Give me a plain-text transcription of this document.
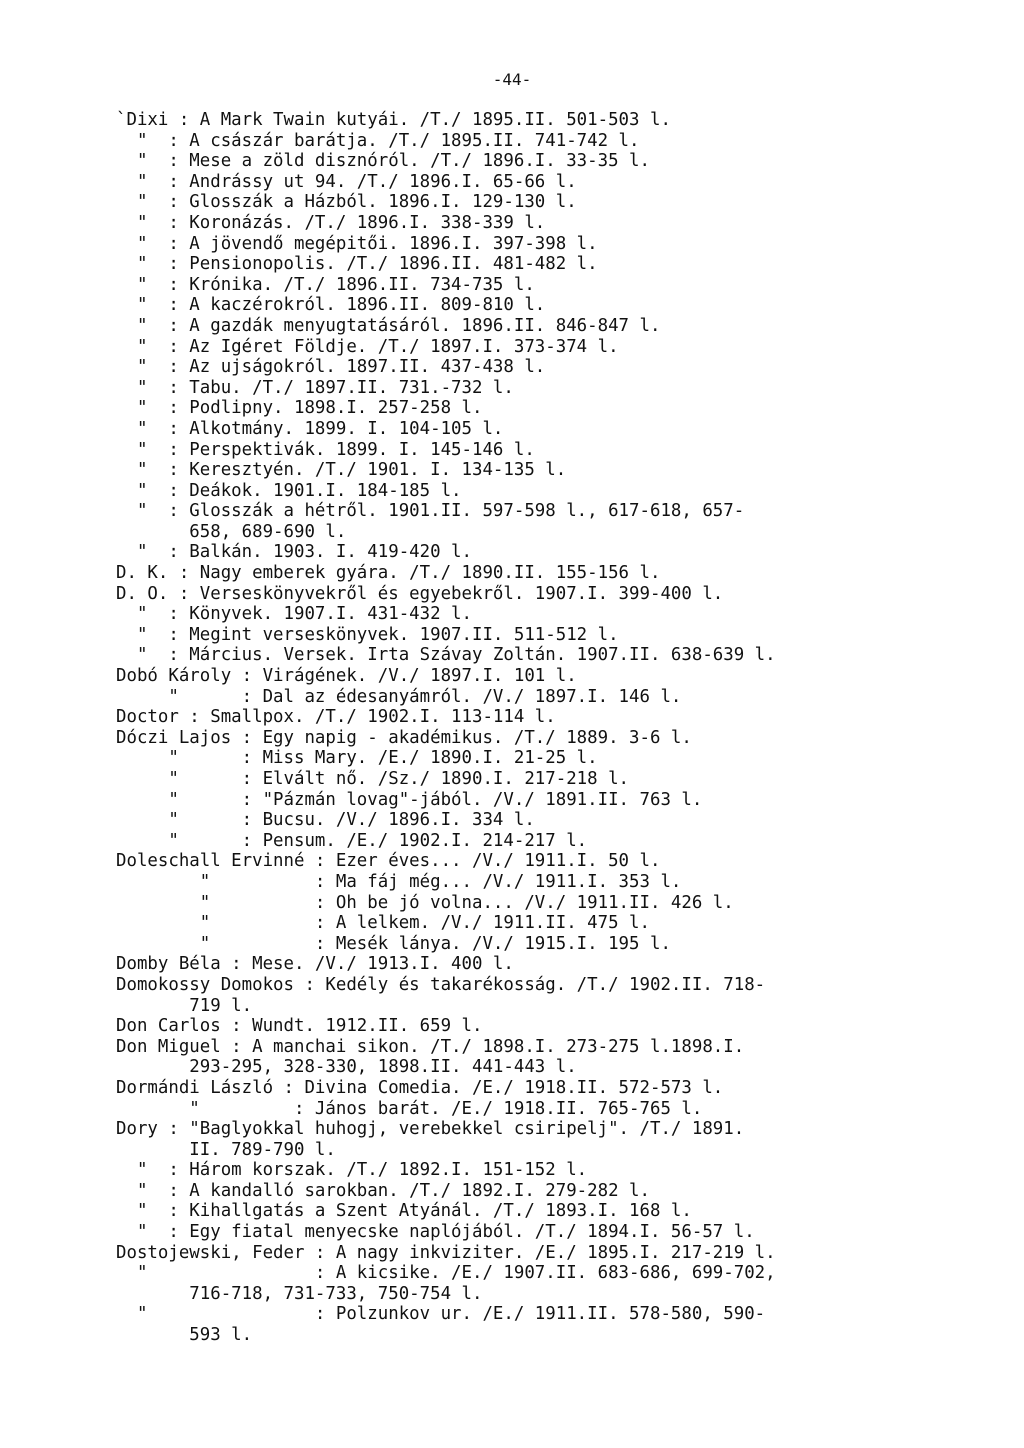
-44-
`Dixi : A Mark Twain kutyái. /T./ 1895.II. 501-503 l.
"  : A császár barátja. /T./ 1895.II. 741-742 l.
"  : Mese a zöld disznóról. /T./ 1896.I. 33-35 l.
"  : Andrássy ut 94. /T./ 1896.I. 65-66 l.
"  : Glosszák a Házból. 1896.I. 129-130 l.
"  : Koronázás. /T./ 1896.I. 338-339 l.
"  : A jövendő megépitői. 1896.I. 397-398 l.
"  : Pensionopolis. /T./ 1896.II. 481-482 l.
"  : Krónika. /T./ 1896.II. 734-735 l.
"  : A kaczérokról. 1896.II. 809-810 l.
"  : A gazdák menyugtatásáról. 1896.II. 846-847 l.
"  : Az Igéret Földje. /T./ 1897.I. 373-374 l.
"  : Az ujságokról. 1897.II. 437-438 l.
"  : Tabu. /T./ 1897.II. 731.-732 l.
"  : Podlipny. 1898.I. 257-258 l.
"  : Alkotmány. 1899. I. 104-105 l.
"  : Perspektivák. 1899. I. 145-146 l.
"  : Keresztyén. /T./ 1901. I. 134-135 l.
"  : Deákok. 1901.I. 184-185 l.
"  : Glosszák a hétről. 1901.II. 597-598 l., 617-618, 657-
658, 689-690 l.
"  : Balkán. 1903. I. 419-420 l.
D. K. : Nagy emberek gyára. /T./ 1890.II. 155-156 l.
D. O. : Verseskönyvekről és egyebekről. 1907.I. 399-400 l.
"  : Könyvek. 1907.I. 431-432 l.
"  : Megint verseskönyvek. 1907.II. 511-512 l.
"  : Március. Versek. Irta Szávay Zoltán. 1907.II. 638-639 l.
Dobó Károly : Virágének. /V./ 1897.I. 101 l.
"      : Dal az édesanyámról. /V./ 1897.I. 146 l.
Doctor : Smallpox. /T./ 1902.I. 113-114 l.
Dóczi Lajos : Egy napig - akadémikus. /T./ 1889. 3-6 l.
"      : Miss Mary. /E./ 1890.I. 21-25 l.
"      : Elvált nő. /Sz./ 1890.I. 217-218 l.
"      : "Pázmán lovag"-jából. /V./ 1891.II. 763 l.
"      : Bucsu. /V./ 1896.I. 334 l.
"      : Pensum. /E./ 1902.I. 214-217 l.
Doleschall Ervinné : Ezer éves... /V./ 1911.I. 50 l.
"          : Ma fáj még... /V./ 1911.I. 353 l.
"          : Oh be jó volna... /V./ 1911.II. 426 l.
"          : A lelkem. /V./ 1911.II. 475 l.
"          : Mesék lánya. /V./ 1915.I. 195 l.
Domby Béla : Mese. /V./ 1913.I. 400 l.
Domokossy Domokos : Kedély és takarékosság. /T./ 1902.II. 718-
719 l.
Don Carlos : Wundt. 1912.II. 659 l.
Don Miguel : A manchai sikon. /T./ 1898.I. 273-275 l.1898.I.
293-295, 328-330, 1898.II. 441-443 l.
Dormándi László : Divina Comedia. /E./ 1918.II. 572-573 l.
"         : János barát. /E./ 1918.II. 765-765 l.
Dory : "Baglyokkal huhogj, verebekkel csiripelj". /T./ 1891.
II. 789-790 l.
"  : Három korszak. /T./ 1892.I. 151-152 l.
"  : A kandalló sarokban. /T./ 1892.I. 279-282 l.
"  : Kihallgatás a Szent Atyánál. /T./ 1893.I. 168 l.
"  : Egy fiatal menyecske naplójából. /T./ 1894.I. 56-57 l.
Dostojewski, Feder : A nagy inkviziter. /E./ 1895.I. 217-219 l.
"                : A kicsike. /E./ 1907.II. 683-686, 699-702,
716-718, 731-733, 750-754 l.
"                : Polzunkov ur. /E./ 1911.II. 578-580, 590-
593 l.
